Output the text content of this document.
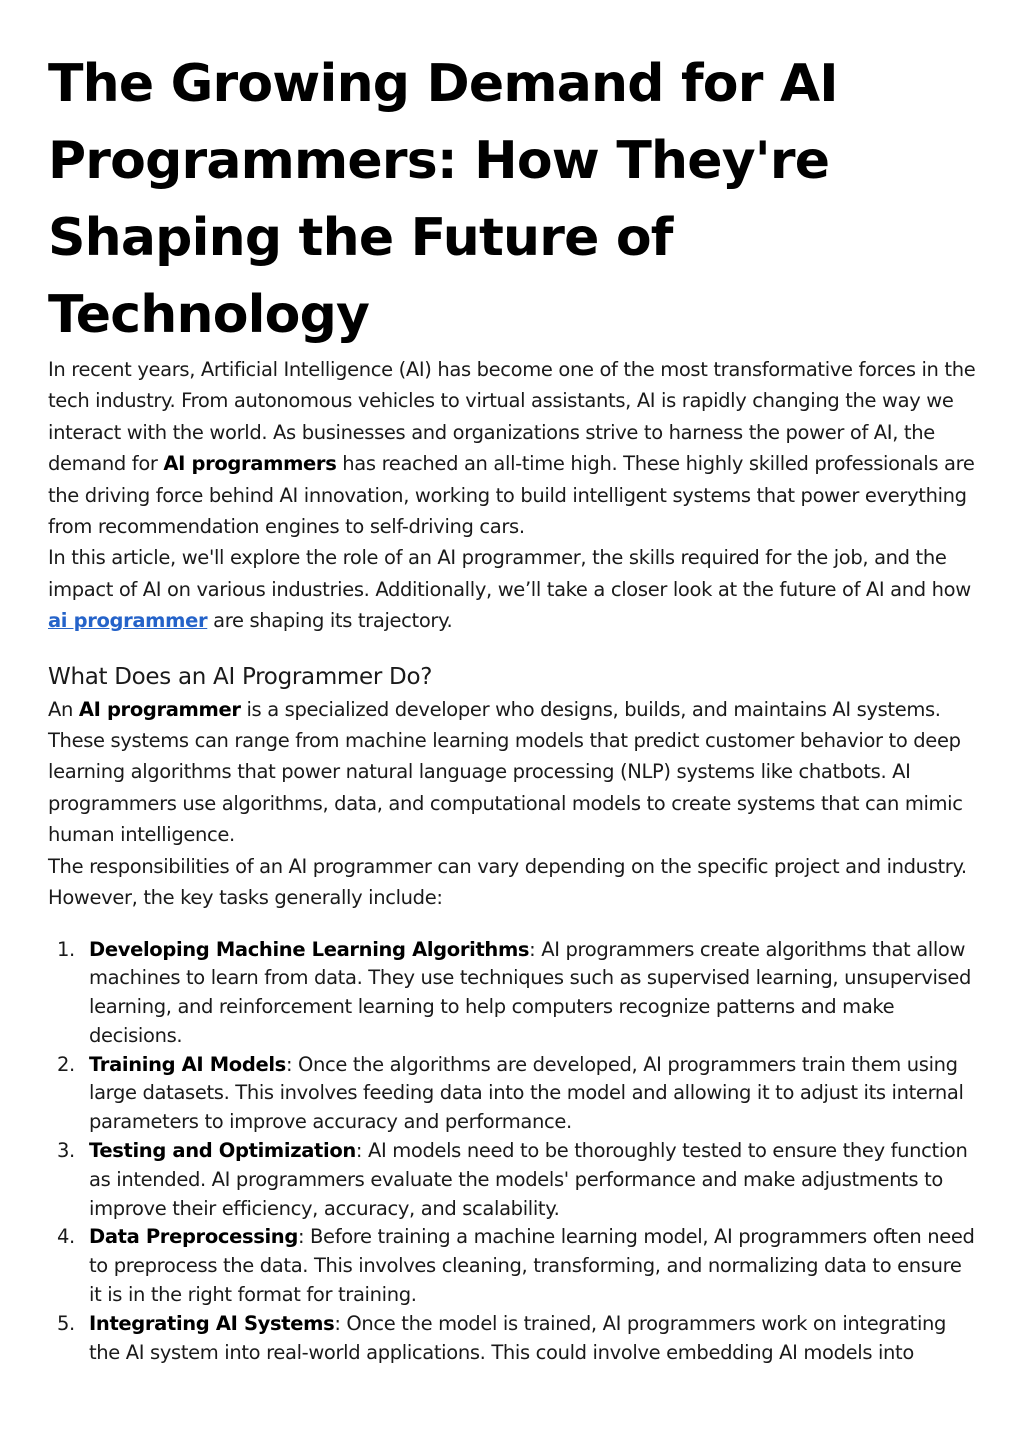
The Growing Demand for AI Programmers: How They're Shaping the Future of Technology

In recent years, Artificial Intelligence (AI) has become one of the most transformative forces in the tech industry. From autonomous vehicles to virtual assistants, AI is rapidly changing the way we interact with the world. As businesses and organizations strive to harness the power of AI, the demand for AI programmers has reached an all-time high. These highly skilled professionals are the driving force behind AI innovation, working to build intelligent systems that power everything from recommendation engines to self-driving cars.

In this article, we'll explore the role of an AI programmer, the skills required for the job, and the impact of AI on various industries. Additionally, we’ll take a closer look at the future of AI and how ai programmer are shaping its trajectory.

What Does an AI Programmer Do?

An AI programmer is a specialized developer who designs, builds, and maintains AI systems. These systems can range from machine learning models that predict customer behavior to deep learning algorithms that power natural language processing (NLP) systems like chatbots. AI programmers use algorithms, data, and computational models to create systems that can mimic human intelligence.

The responsibilities of an AI programmer can vary depending on the specific project and industry. However, the key tasks generally include:

1. Developing Machine Learning Algorithms: AI programmers create algorithms that allow machines to learn from data. They use techniques such as supervised learning, unsupervised learning, and reinforcement learning to help computers recognize patterns and make decisions.
2. Training AI Models: Once the algorithms are developed, AI programmers train them using large datasets. This involves feeding data into the model and allowing it to adjust its internal parameters to improve accuracy and performance.
3. Testing and Optimization: AI models need to be thoroughly tested to ensure they function as intended. AI programmers evaluate the models' performance and make adjustments to improve their efficiency, accuracy, and scalability.
4. Data Preprocessing: Before training a machine learning model, AI programmers often need to preprocess the data. This involves cleaning, transforming, and normalizing data to ensure it is in the right format for training.
5. Integrating AI Systems: Once the model is trained, AI programmers work on integrating the AI system into real-world applications. This could involve embedding AI models into
